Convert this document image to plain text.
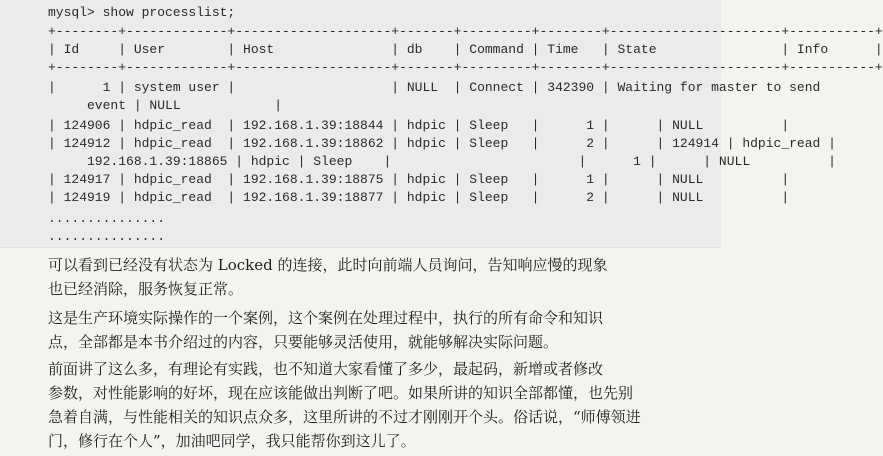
mysql> show processlist;
+--------+-------------+--------------------+-------+---------+--------+----------------------+-----------+
| Id     | User        | Host               | db    | Command | Time   | State                | Info      |
+--------+-------------+--------------------+-------+---------+--------+----------------------+-----------+
|      1 | system user |                    | NULL  | Connect | 342390 | Waiting for master to send
event | NULL            |
| 124906 | hdpic_read  | 192.168.1.39:18844 | hdpic | Sleep   |      1 |      | NULL          |
| 124912 | hdpic_read  | 192.168.1.39:18862 | hdpic | Sleep   |      2 |      | 124914 | hdpic_read |
192.168.1.39:18865 | hdpic | Sleep    |                        |      1 |      | NULL          |
| 124917 | hdpic_read  | 192.168.1.39:18875 | hdpic | Sleep   |      1 |      | NULL          |
| 124919 | hdpic_read  | 192.168.1.39:18877 | hdpic | Sleep   |      2 |      | NULL          |
...............
...............
可以看到已经没有状态为 Locked 的连接，此时向前端人员询问，告知响应慢的现象
也已经消除，服务恢复正常。
这是生产环境实际操作的一个案例，这个案例在处理过程中，执行的所有命令和知识
点，全部都是本书介绍过的内容，只要能够灵活使用，就能够解决实际问题。
前面讲了这么多，有理论有实践，也不知道大家看懂了多少，最起码，新增或者修改
参数，对性能影响的好坏，现在应该能做出判断了吧。如果所讲的知识全部都懂，也先别
急着自满，与性能相关的知识点众多，这里所讲的不过才刚刚开个头。俗话说，“师傅领进
门，修行在个人”，加油吧同学，我只能帮你到这儿了。
